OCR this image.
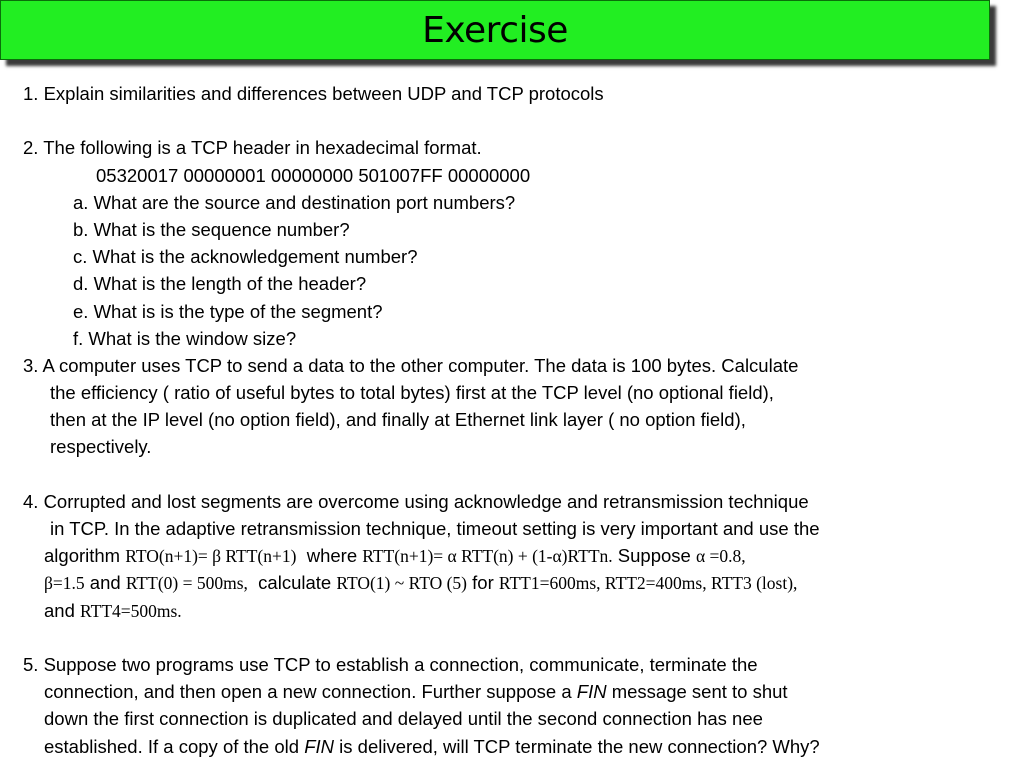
Exercise
1. Explain similarities and differences between UDP and TCP protocols
2. The following is a TCP header in hexadecimal format.
05320017 00000001 00000000 501007FF 00000000
a. What are the source and destination port numbers?
b. What is the sequence number?
c. What is the acknowledgement number?
d. What is the length of the header?
e. What is is the type of the segment?
f. What is the window size?
3. A computer uses TCP to send a data to the other computer. The data is 100 bytes. Calculate
the efficiency ( ratio of useful bytes to total bytes) first at the TCP level (no optional field),
then at the IP level (no option field), and finally at Ethernet link layer ( no option field),
respectively.
4. Corrupted and lost segments are overcome using acknowledge and retransmission technique
in TCP. In the adaptive retransmission technique, timeout setting is very important and use the
algorithm RTO(n+1)= β RTT(n+1)  where RTT(n+1)= α RTT(n) + (1-α)RTTn. Suppose α =0.8,
β=1.5 and RTT(0) = 500ms,  calculate RTO(1) ~ RTO (5) for RTT1=600ms, RTT2=400ms, RTT3 (lost),
and RTT4=500ms.
5. Suppose two programs use TCP to establish a connection, communicate, terminate the
connection, and then open a new connection. Further suppose a FIN message sent to shut
down the first connection is duplicated and delayed until the second connection has nee
established. If a copy of the old FIN is delivered, will TCP terminate the new connection? Why?
